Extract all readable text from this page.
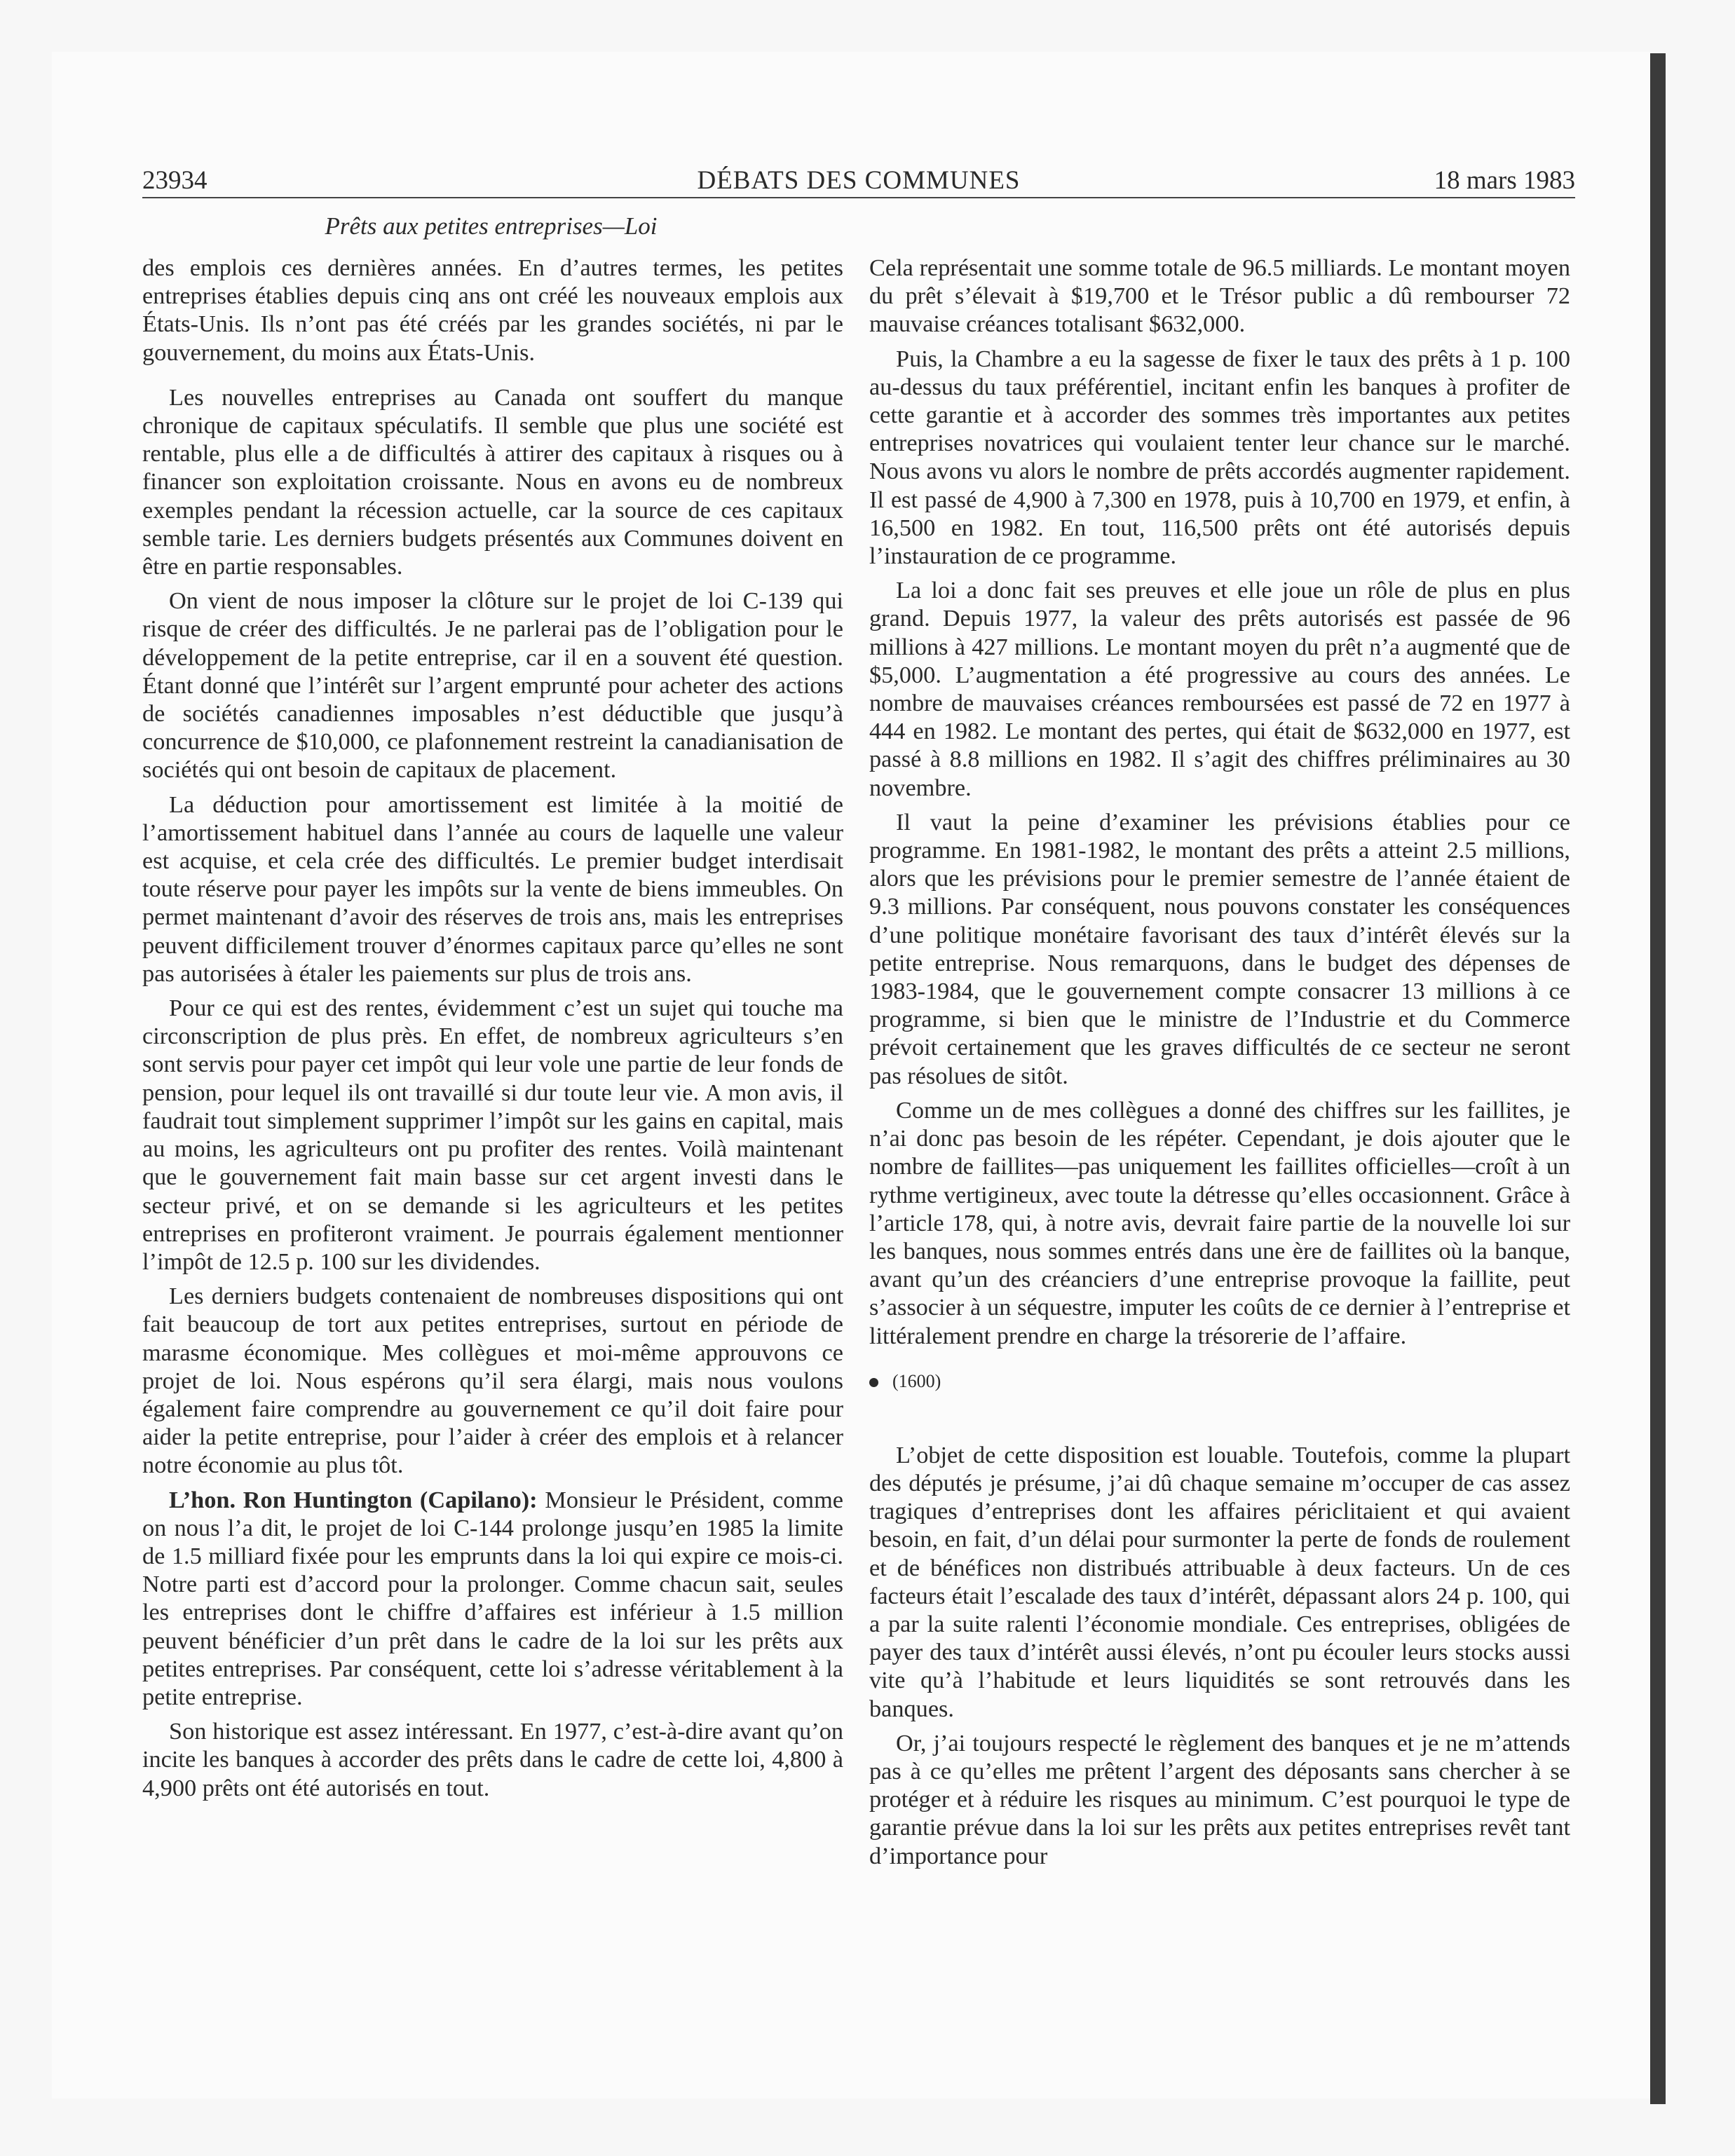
23934	DÉBATS DES COMMUNES	18 mars 1983
Prêts aux petites entreprises—Loi

des emplois ces dernières années. En d’autres termes, les petites entreprises établies depuis cinq ans ont créé les nouveaux emplois aux États-Unis. Ils n’ont pas été créés par les grandes sociétés, ni par le gouvernement, du moins aux États-Unis.

Les nouvelles entreprises au Canada ont souffert du manque chronique de capitaux spéculatifs. Il semble que plus une société est rentable, plus elle a de difficultés à attirer des capitaux à risques ou à financer son exploitation croissante. Nous en avons eu de nombreux exemples pendant la récession actuelle, car la source de ces capitaux semble tarie. Les derniers budgets présentés aux Communes doivent en être en partie responsables.

On vient de nous imposer la clôture sur le projet de loi C-139 qui risque de créer des difficultés. Je ne parlerai pas de l’obligation pour le développement de la petite entreprise, car il en a souvent été question. Étant donné que l’intérêt sur l’argent emprunté pour acheter des actions de sociétés canadiennes imposables n’est déductible que jusqu’à concurrence de $10,000, ce plafonnement restreint la canadianisation de sociétés qui ont besoin de capitaux de placement.

La déduction pour amortissement est limitée à la moitié de l’amortissement habituel dans l’année au cours de laquelle une valeur est acquise, et cela crée des difficultés. Le premier budget interdisait toute réserve pour payer les impôts sur la vente de biens immeubles. On permet maintenant d’avoir des réserves de trois ans, mais les entreprises peuvent difficilement trouver d’énormes capitaux parce qu’elles ne sont pas autorisées à étaler les paiements sur plus de trois ans.

Pour ce qui est des rentes, évidemment c’est un sujet qui touche ma circonscription de plus près. En effet, de nombreux agriculteurs s’en sont servis pour payer cet impôt qui leur vole une partie de leur fonds de pension, pour lequel ils ont travaillé si dur toute leur vie. A mon avis, il faudrait tout simplement supprimer l’impôt sur les gains en capital, mais au moins, les agriculteurs ont pu profiter des rentes. Voilà maintenant que le gouvernement fait main basse sur cet argent investi dans le secteur privé, et on se demande si les agriculteurs et les petites entreprises en profiteront vraiment. Je pourrais également mentionner l’impôt de 12.5 p. 100 sur les dividendes.

Les derniers budgets contenaient de nombreuses dispositions qui ont fait beaucoup de tort aux petites entreprises, surtout en période de marasme économique. Mes collègues et moi-même approuvons ce projet de loi. Nous espérons qu’il sera élargi, mais nous voulons également faire comprendre au gouvernement ce qu’il doit faire pour aider la petite entreprise, pour l’aider à créer des emplois et à relancer notre économie au plus tôt.

L’hon. Ron Huntington (Capilano): Monsieur le Président, comme on nous l’a dit, le projet de loi C-144 prolonge jusqu’en 1985 la limite de 1.5 milliard fixée pour les emprunts dans la loi qui expire ce mois-ci. Notre parti est d’accord pour la prolonger. Comme chacun sait, seules les entreprises dont le chiffre d’affaires est inférieur à 1.5 million peuvent bénéficier d’un prêt dans le cadre de la loi sur les prêts aux petites entreprises. Par conséquent, cette loi s’adresse véritablement à la petite entreprise.

Son historique est assez intéressant. En 1977, c’est-à-dire avant qu’on incite les banques à accorder des prêts dans le cadre de cette loi, 4,800 à 4,900 prêts ont été autorisés en tout.

Cela représentait une somme totale de 96.5 milliards. Le montant moyen du prêt s’élevait à $19,700 et le Trésor public a dû rembourser 72 mauvaise créances totalisant $632,000.

Puis, la Chambre a eu la sagesse de fixer le taux des prêts à 1 p. 100 au-dessus du taux préférentiel, incitant enfin les banques à profiter de cette garantie et à accorder des sommes très importantes aux petites entreprises novatrices qui voulaient tenter leur chance sur le marché. Nous avons vu alors le nombre de prêts accordés augmenter rapidement. Il est passé de 4,900 à 7,300 en 1978, puis à 10,700 en 1979, et enfin, à 16,500 en 1982. En tout, 116,500 prêts ont été autorisés depuis l’instauration de ce programme.

La loi a donc fait ses preuves et elle joue un rôle de plus en plus grand. Depuis 1977, la valeur des prêts autorisés est passée de 96 millions à 427 millions. Le montant moyen du prêt n’a augmenté que de $5,000. L’augmentation a été progressive au cours des années. Le nombre de mauvaises créances remboursées est passé de 72 en 1977 à 444 en 1982. Le montant des pertes, qui était de $632,000 en 1977, est passé à 8.8 millions en 1982. Il s’agit des chiffres préliminaires au 30 novembre.

Il vaut la peine d’examiner les prévisions établies pour ce programme. En 1981-1982, le montant des prêts a atteint 2.5 millions, alors que les prévisions pour le premier semestre de l’année étaient de 9.3 millions. Par conséquent, nous pouvons constater les conséquences d’une politique monétaire favorisant des taux d’intérêt élevés sur la petite entreprise. Nous remarquons, dans le budget des dépenses de 1983-1984, que le gouvernement compte consacrer 13 millions à ce programme, si bien que le ministre de l’Industrie et du Commerce prévoit certainement que les graves difficultés de ce secteur ne seront pas résolues de sitôt.

Comme un de mes collègues a donné des chiffres sur les faillites, je n’ai donc pas besoin de les répéter. Cependant, je dois ajouter que le nombre de faillites—pas uniquement les faillites officielles—croît à un rythme vertigineux, avec toute la détresse qu’elles occasionnent. Grâce à l’article 178, qui, à notre avis, devrait faire partie de la nouvelle loi sur les banques, nous sommes entrés dans une ère de faillites où la banque, avant qu’un des créanciers d’une entreprise provoque la faillite, peut s’associer à un séquestre, imputer les coûts de ce dernier à l’entreprise et littéralement prendre en charge la trésorerie de l’affaire.

(1600)

L’objet de cette disposition est louable. Toutefois, comme la plupart des députés je présume, j’ai dû chaque semaine m’occuper de cas assez tragiques d’entreprises dont les affaires périclitaient et qui avaient besoin, en fait, d’un délai pour surmonter la perte de fonds de roulement et de bénéfices non distribués attribuable à deux facteurs. Un de ces facteurs était l’escalade des taux d’intérêt, dépassant alors 24 p. 100, qui a par la suite ralenti l’économie mondiale. Ces entreprises, obligées de payer des taux d’intérêt aussi élevés, n’ont pu écouler leurs stocks aussi vite qu’à l’habitude et leurs liquidités se sont retrouvés dans les banques.

Or, j’ai toujours respecté le règlement des banques et je ne m’attends pas à ce qu’elles me prêtent l’argent des déposants sans chercher à se protéger et à réduire les risques au minimum. C’est pourquoi le type de garantie prévue dans la loi sur les prêts aux petites entreprises revêt tant d’importance pour
